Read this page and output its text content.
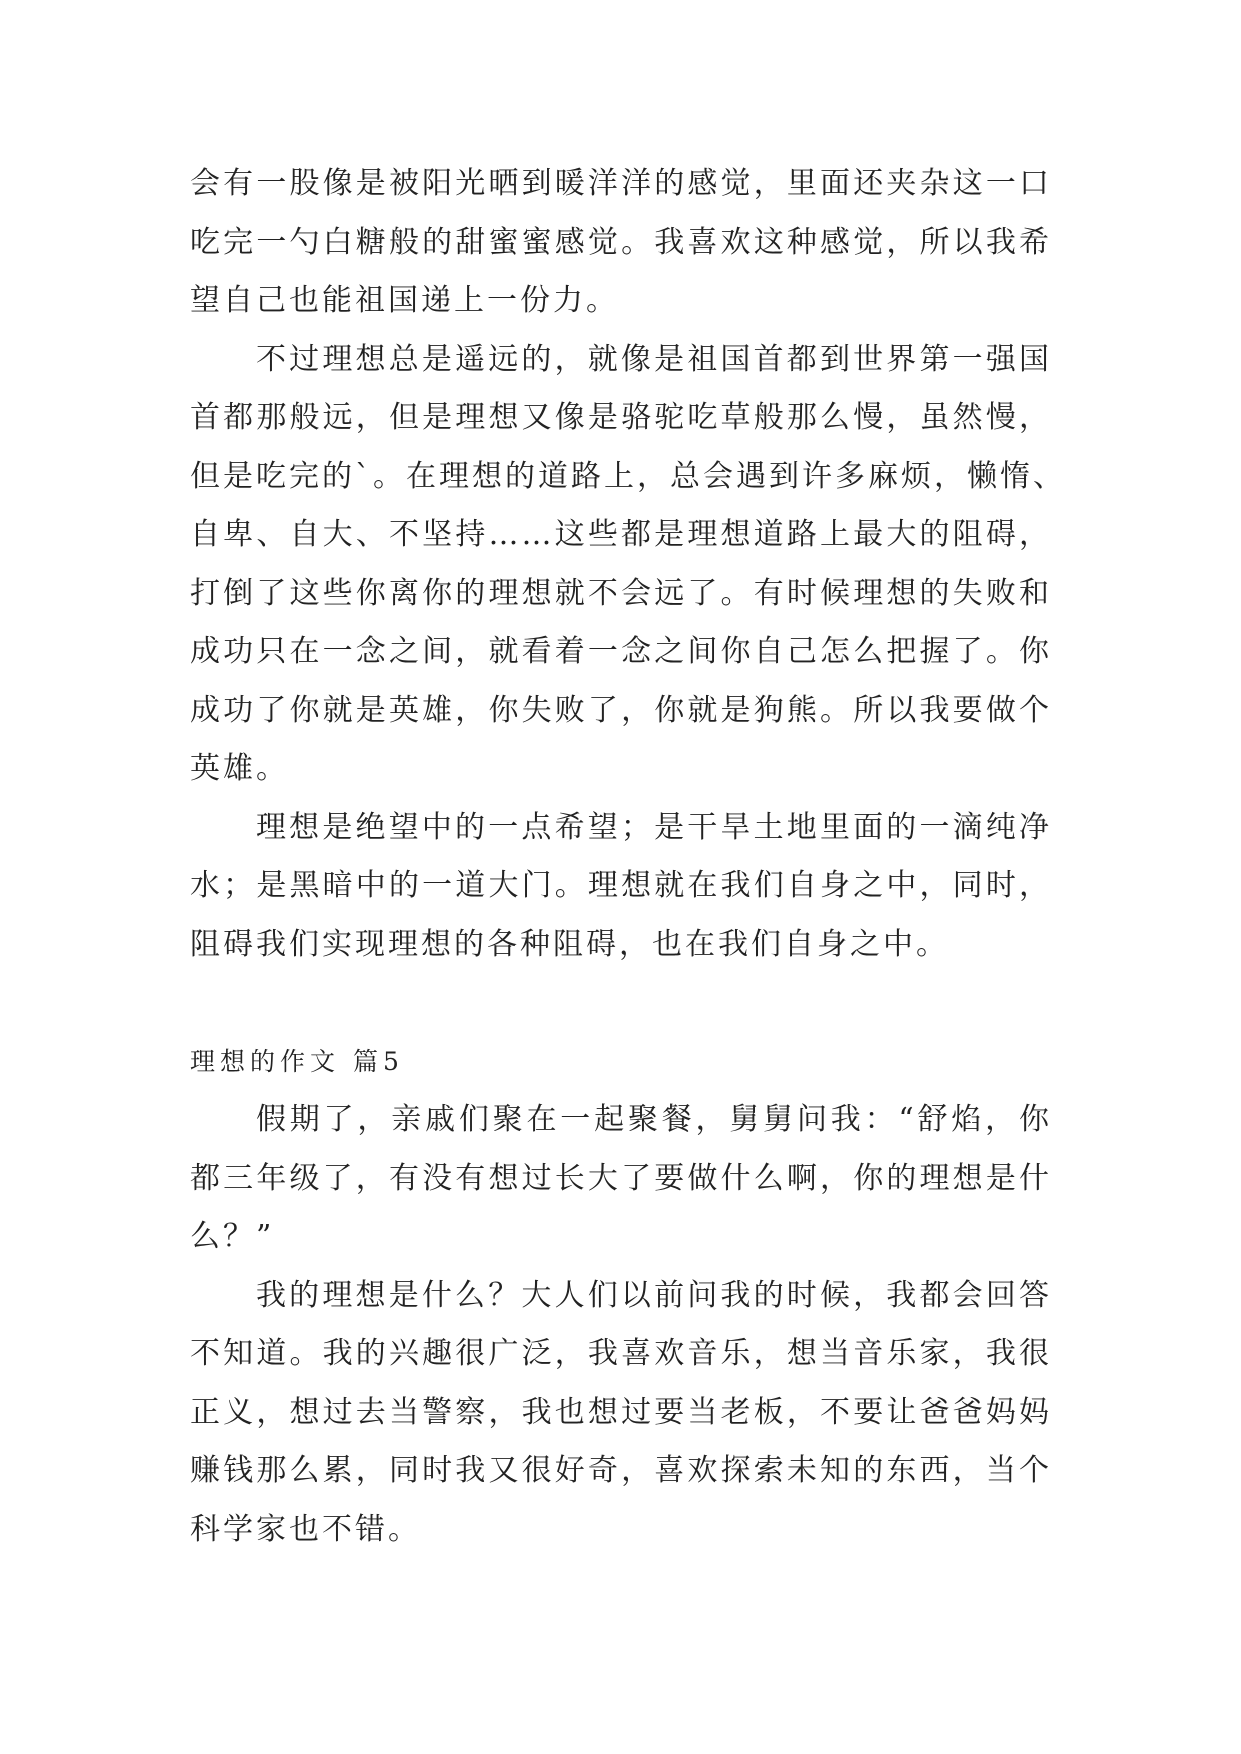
会有一股像是被阳光晒到暖洋洋的感觉，里面还夹杂这一口
吃完一勺白糖般的甜蜜蜜感觉。我喜欢这种感觉，所以我希
望自己也能祖国递上一份力。
不过理想总是遥远的，就像是祖国首都到世界第一强国
首都那般远，但是理想又像是骆驼吃草般那么慢，虽然慢，
但是吃完的`。在理想的道路上，总会遇到许多麻烦，懒惰、
自卑、自大、不坚持……这些都是理想道路上最大的阻碍，
打倒了这些你离你的理想就不会远了。有时候理想的失败和
成功只在一念之间，就看着一念之间你自己怎么把握了。你
成功了你就是英雄，你失败了，你就是狗熊。所以我要做个
英雄。
理想是绝望中的一点希望；是干旱土地里面的一滴纯净
水；是黑暗中的一道大门。理想就在我们自身之中，同时，
阻碍我们实现理想的各种阻碍，也在我们自身之中。
理想的作文 篇5
假期了，亲戚们聚在一起聚餐，舅舅问我：“舒焰，你
都三年级了，有没有想过长大了要做什么啊，你的理想是什
么？”
我的理想是什么？大人们以前问我的时候，我都会回答
不知道。我的兴趣很广泛，我喜欢音乐，想当音乐家，我很
正义，想过去当警察，我也想过要当老板，不要让爸爸妈妈
赚钱那么累，同时我又很好奇，喜欢探索未知的东西，当个
科学家也不错。
